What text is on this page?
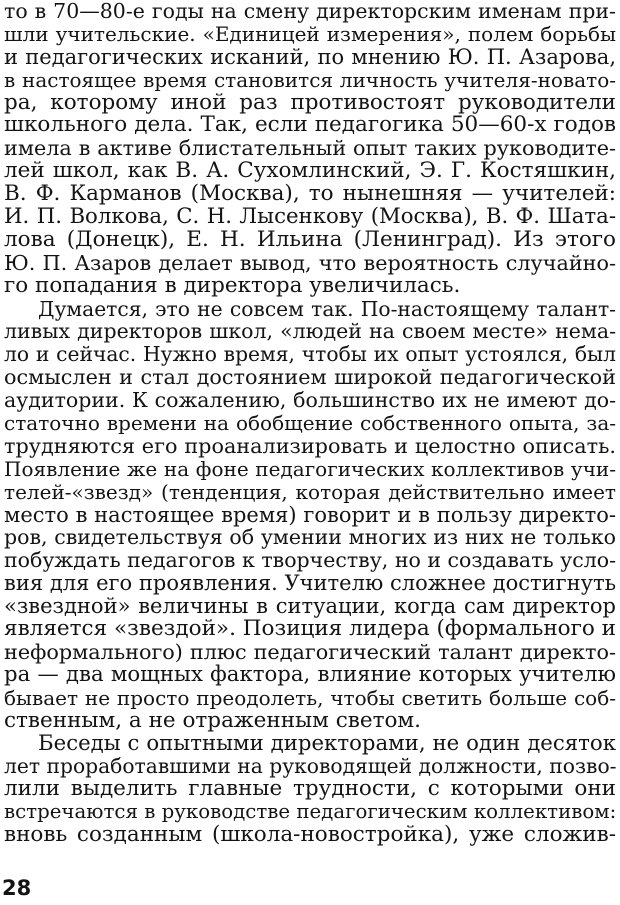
то в 70—80-е годы на смену директорским именам при-
шли учительские. «Единицей измерения», полем борьбы
и педагогических исканий, по мнению Ю. П. Азарова,
в настоящее время становится личность учителя-новато-
ра, которому иной раз противостоят руководители
школьного дела. Так, если педагогика 50—60-х годов
имела в активе блистательный опыт таких руководите-
лей школ, как В. А. Сухомлинский, Э. Г. Костяшкин,
В. Ф. Карманов (Москва), то нынешняя — учителей:
И. П. Волкова, С. Н. Лысенкову (Москва), В. Ф. Шата-
лова (Донецк), Е. Н. Ильина (Ленинград). Из этого
Ю. П. Азаров делает вывод, что вероятность случайно-
го попадания в директора увеличилась.
Думается, это не совсем так. По-настоящему талант-
ливых директоров школ, «людей на своем месте» нема-
ло и сейчас. Нужно время, чтобы их опыт устоялся, был
осмыслен и стал достоянием широкой педагогической
аудитории. К сожалению, большинство их не имеют до-
статочно времени на обобщение собственного опыта, за-
трудняются его проанализировать и целостно описать.
Появление же на фоне педагогических коллективов учи-
телей-«звезд» (тенденция, которая действительно имеет
место в настоящее время) говорит и в пользу директо-
ров, свидетельствуя об умении многих из них не только
побуждать педагогов к творчеству, но и создавать усло-
вия для его проявления. Учителю сложнее достигнуть
«звездной» величины в ситуации, когда сам директор
является «звездой». Позиция лидера (формального и
неформального) плюс педагогический талант директо-
ра — два мощных фактора, влияние которых учителю
бывает не просто преодолеть, чтобы светить больше соб-
ственным, а не отраженным светом.
Беседы с опытными директорами, не один десяток
лет проработавшими на руководящей должности, позво-
лили выделить главные трудности, с которыми они
встречаются в руководстве педагогическим коллективом:
вновь созданным (школа-новостройка), уже сложив-
28
